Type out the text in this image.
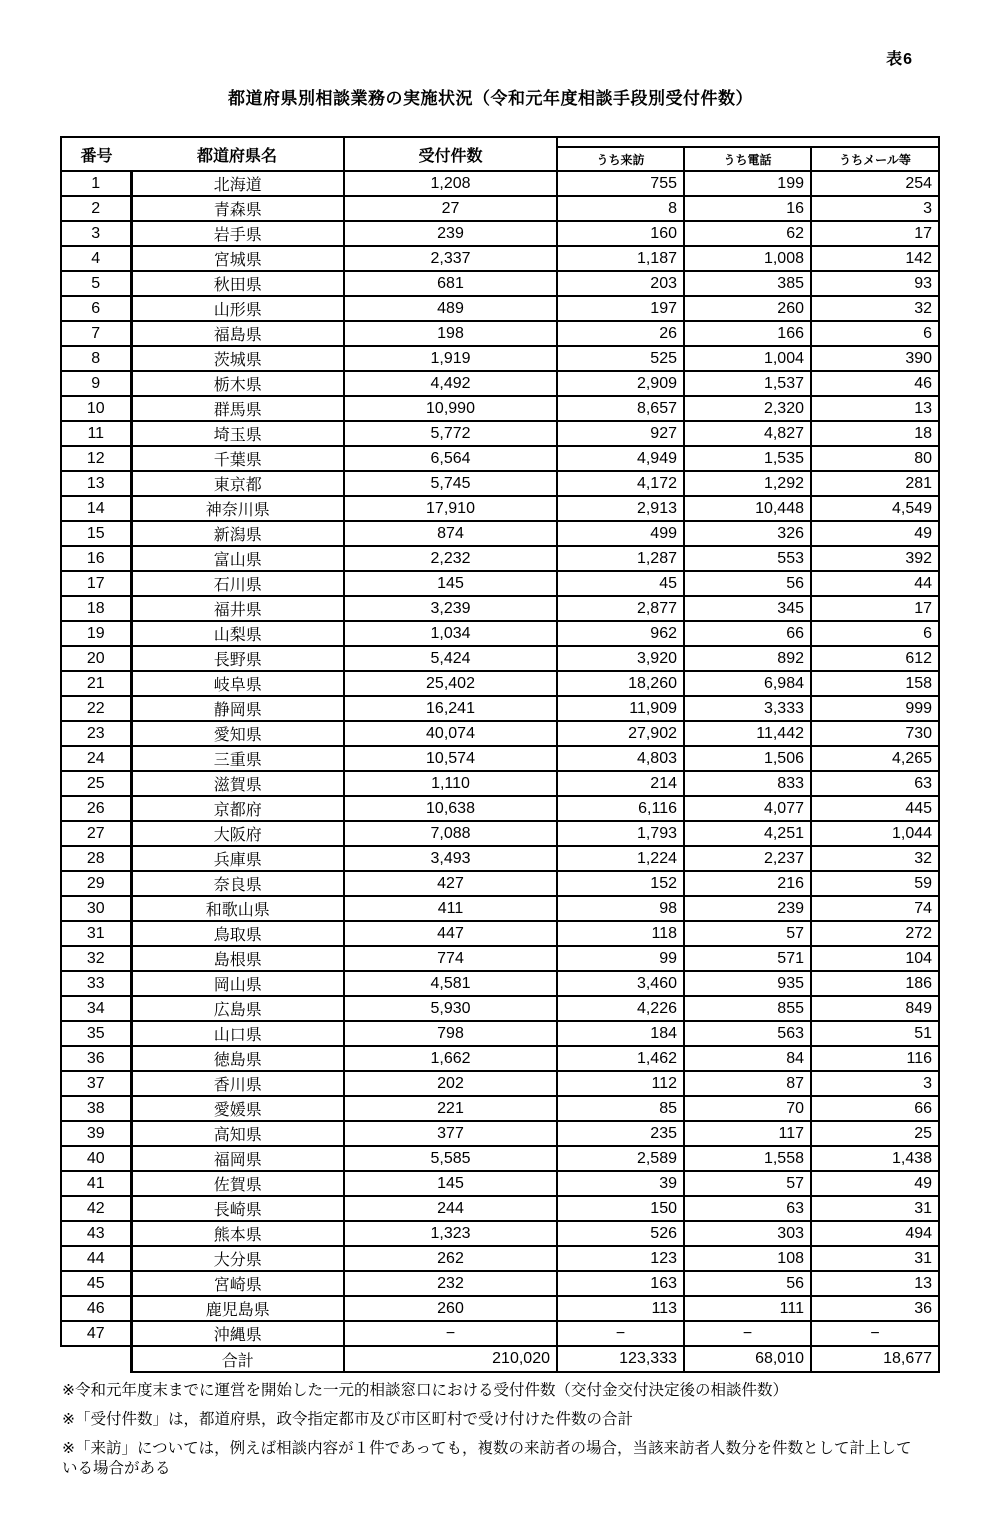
表6
都道府県別相談業務の実施状況（令和元年度相談手段別受付件数）
番号	都道府県名	受付件数			
			うち来訪	うち電話	うちメール等
1	北海道	1,208	755	199	254
2	青森県	27	8	16	3
3	岩手県	239	160	62	17
4	宮城県	2,337	1,187	1,008	142
5	秋田県	681	203	385	93
6	山形県	489	197	260	32
7	福島県	198	26	166	6
8	茨城県	1,919	525	1,004	390
9	栃木県	4,492	2,909	1,537	46
10	群馬県	10,990	8,657	2,320	13
11	埼玉県	5,772	927	4,827	18
12	千葉県	6,564	4,949	1,535	80
13	東京都	5,745	4,172	1,292	281
14	神奈川県	17,910	2,913	10,448	4,549
15	新潟県	874	499	326	49
16	富山県	2,232	1,287	553	392
17	石川県	145	45	56	44
18	福井県	3,239	2,877	345	17
19	山梨県	1,034	962	66	6
20	長野県	5,424	3,920	892	612
21	岐阜県	25,402	18,260	6,984	158
22	静岡県	16,241	11,909	3,333	999
23	愛知県	40,074	27,902	11,442	730
24	三重県	10,574	4,803	1,506	4,265
25	滋賀県	1,110	214	833	63
26	京都府	10,638	6,116	4,077	445
27	大阪府	7,088	1,793	4,251	1,044
28	兵庫県	3,493	1,224	2,237	32
29	奈良県	427	152	216	59
30	和歌山県	411	98	239	74
31	鳥取県	447	118	57	272
32	島根県	774	99	571	104
33	岡山県	4,581	3,460	935	186
34	広島県	5,930	4,226	855	849
35	山口県	798	184	563	51
36	徳島県	1,662	1,462	84	116
37	香川県	202	112	87	3
38	愛媛県	221	85	70	66
39	高知県	377	235	117	25
40	福岡県	5,585	2,589	1,558	1,438
41	佐賀県	145	39	57	49
42	長崎県	244	150	63	31
43	熊本県	1,323	526	303	494
44	大分県	262	123	108	31
45	宮崎県	232	163	56	13
46	鹿児島県	260	113	111	36
47	沖縄県	−	−	−	−
	合計	210,020	123,333	68,010	18,677

※令和元年度末までに運営を開始した一元的相談窓口における受付件数（交付金交付決定後の相談件数）

※「受付件数」は，都道府県，政令指定都市及び市区町村で受け付けた件数の合計

※「来訪」については，例えば相談内容が１件であっても，複数の来訪者の場合，当該来訪者人数分を件数として計上している場合がある
